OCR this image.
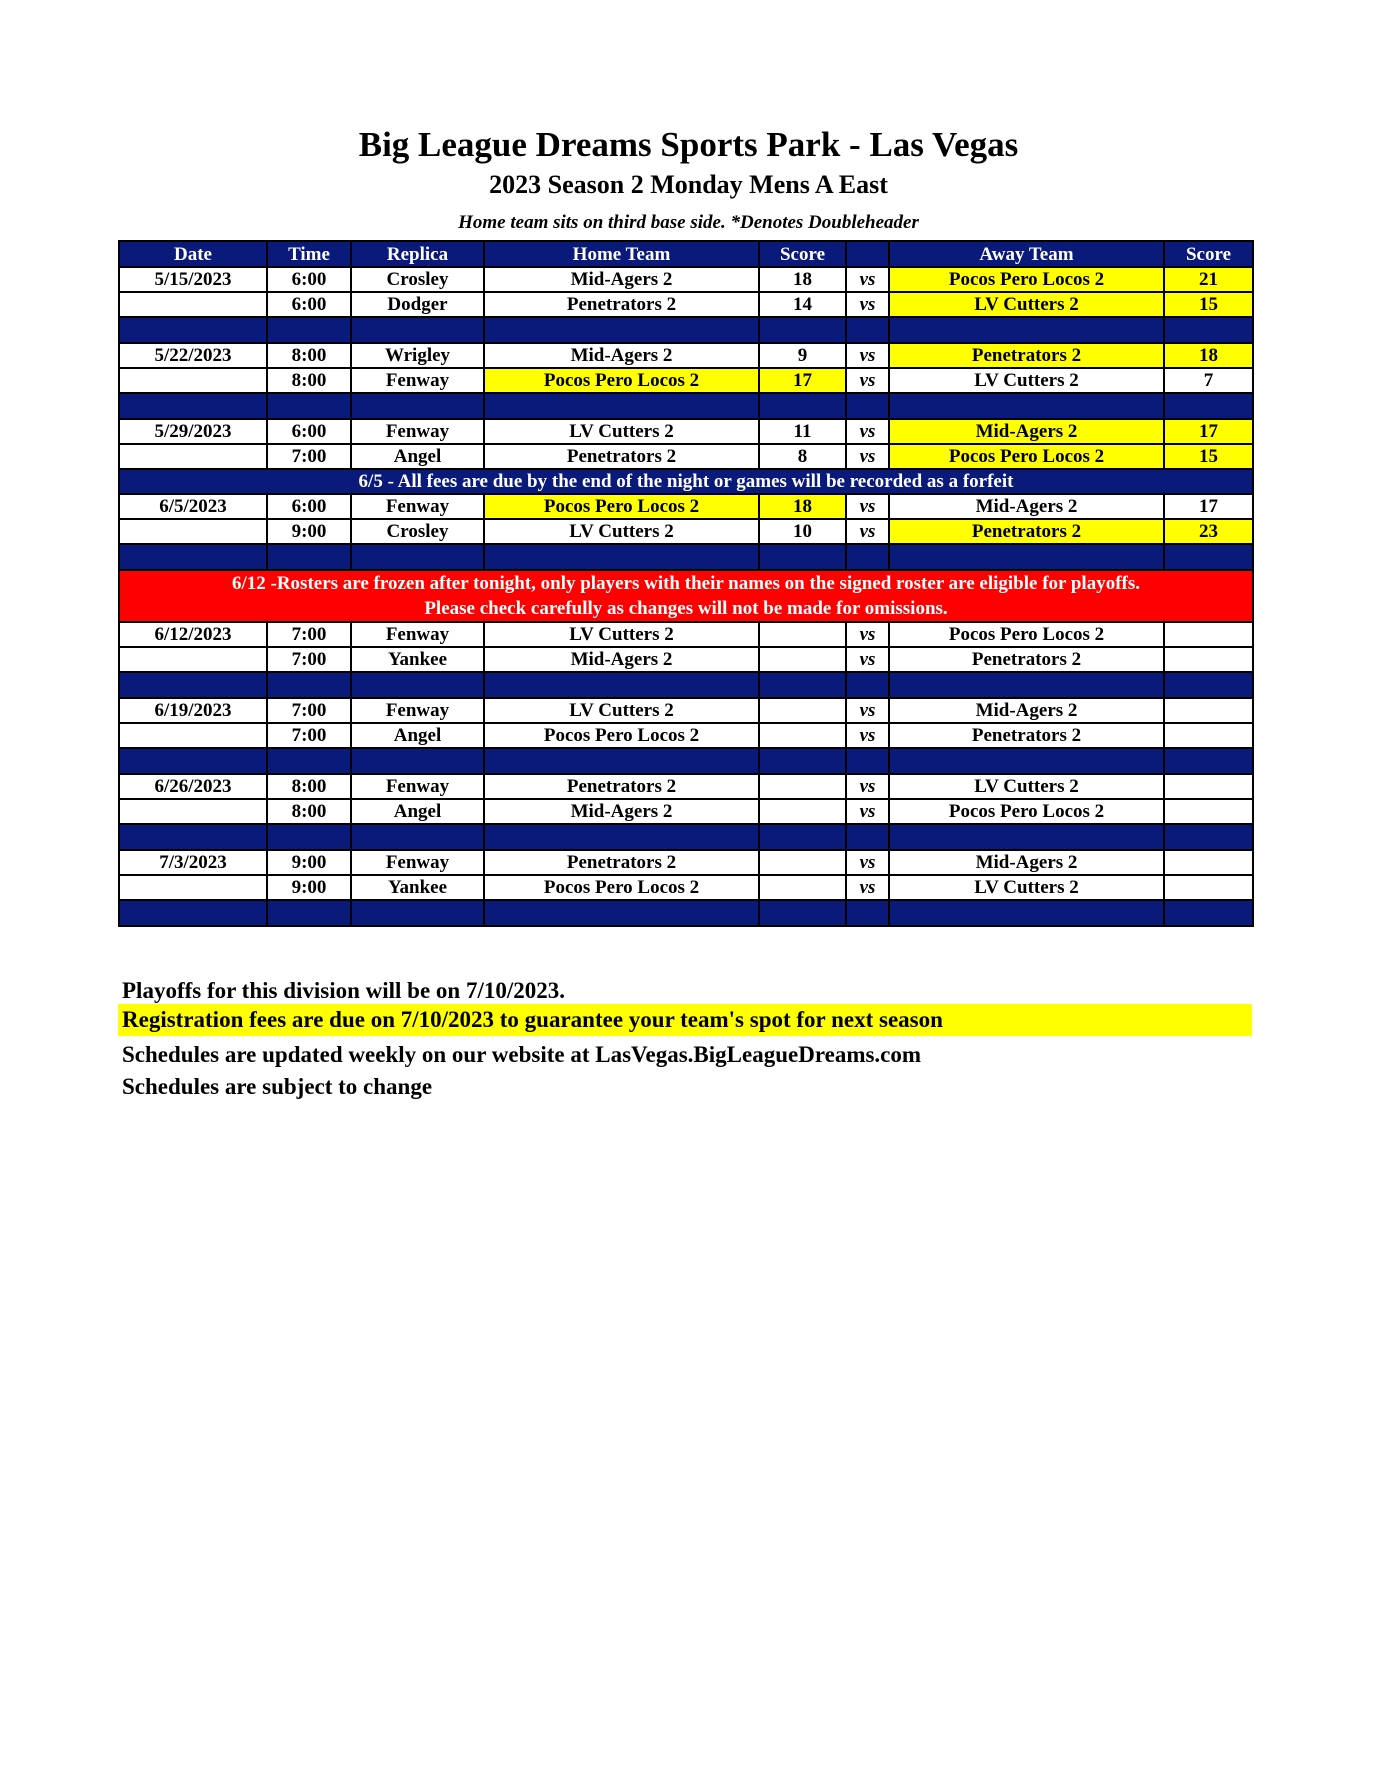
Big League Dreams Sports Park - Las Vegas
2023 Season 2 Monday Mens A East
Home team sits on third base side. *Denotes Doubleheader
Date	Time	Replica	Home Team	Score		Away Team	Score
5/15/2023	6:00	Crosley	Mid-Agers 2	18	vs	Pocos Pero Locos 2	21
	6:00	Dodger	Penetrators 2	14	vs	LV Cutters 2	15

5/22/2023	8:00	Wrigley	Mid-Agers 2	9	vs	Penetrators 2	18
	8:00	Fenway	Pocos Pero Locos 2	17	vs	LV Cutters 2	7

5/29/2023	6:00	Fenway	LV Cutters 2	11	vs	Mid-Agers 2	17
	7:00	Angel	Penetrators 2	8	vs	Pocos Pero Locos 2	15
6/5 - All fees are due by the end of the night or games will be recorded as a forfeit							
6/5/2023	6:00	Fenway	Pocos Pero Locos 2	18	vs	Mid-Agers 2	17
	9:00	Crosley	LV Cutters 2	10	vs	Penetrators 2	23

6/12 -Rosters are frozen after tonight, only players with their names on the signed roster are eligible for playoffs.
Please check carefully as changes will not be made for omissions.							

6/12/2023	7:00	Fenway	LV Cutters 2		vs	Pocos Pero Locos 2	
	7:00	Yankee	Mid-Agers 2		vs	Penetrators 2	

6/19/2023	7:00	Fenway	LV Cutters 2		vs	Mid-Agers 2	
	7:00	Angel	Pocos Pero Locos 2		vs	Penetrators 2	

6/26/2023	8:00	Fenway	Penetrators 2		vs	LV Cutters 2	
	8:00	Angel	Mid-Agers 2		vs	Pocos Pero Locos 2	

7/3/2023	9:00	Fenway	Penetrators 2		vs	Mid-Agers 2	
	9:00	Yankee	Pocos Pero Locos 2		vs	LV Cutters 2	

Playoffs for this division will be on 7/10/2023.
Registration fees are due on 7/10/2023 to guarantee your team's spot for next season
Schedules are updated weekly on our website at LasVegas.BigLeagueDreams.com
Schedules are subject to change
